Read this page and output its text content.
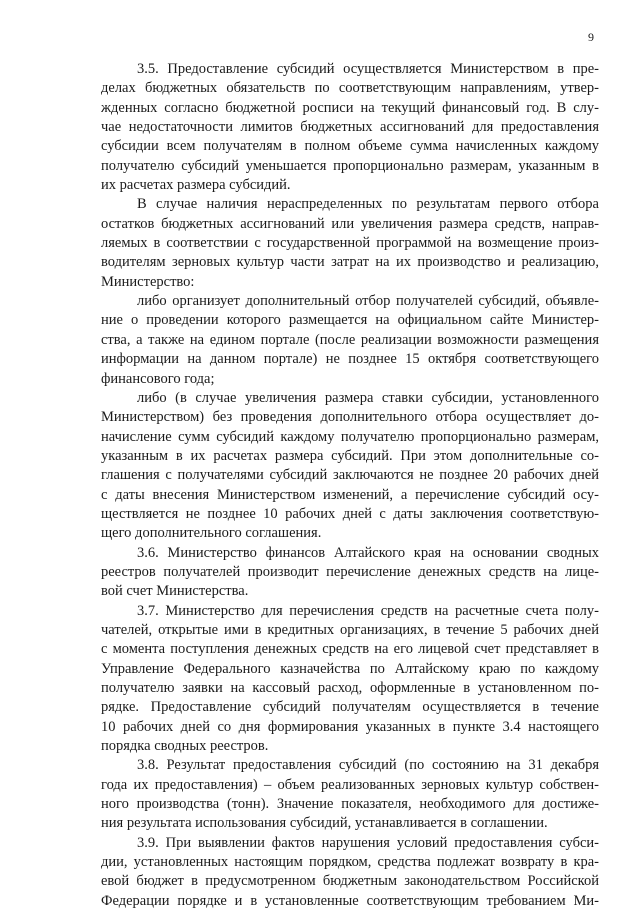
9
3.5. Предоставление субсидий осуществляется Министерством в пре-
делах бюджетных обязательств по соответствующим направлениям, утвер-
жденных согласно бюджетной росписи на текущий финансовый год. В слу-
чае недостаточности лимитов бюджетных ассигнований для предоставления
субсидии всем получателям в полном объеме сумма начисленных каждому
получателю субсидий уменьшается пропорционально размерам, указанным в
их расчетах размера субсидий.
В случае наличия нераспределенных по результатам первого отбора
остатков бюджетных ассигнований или увеличения размера средств, направ-
ляемых в соответствии с государственной программой на возмещение произ-
водителям зерновых культур части затрат на их производство и реализацию,
Министерство:
либо организует дополнительный отбор получателей субсидий, объявле-
ние о проведении которого размещается на официальном сайте Министер-
ства, а также на едином портале (после реализации возможности размещения
информации на данном портале) не позднее 15 октября соответствующего
финансового года;
либо (в случае увеличения размера ставки субсидии, установленного
Министерством) без проведения дополнительного отбора осуществляет до-
начисление сумм субсидий каждому получателю пропорционально размерам,
указанным в их расчетах размера субсидий. При этом дополнительные со-
глашения с получателями субсидий заключаются не позднее 20 рабочих дней
с даты внесения Министерством изменений, а перечисление субсидий осу-
ществляется не позднее 10 рабочих дней с даты заключения соответствую-
щего дополнительного соглашения.
3.6. Министерство финансов Алтайского края на основании сводных
реестров получателей производит перечисление денежных средств на лице-
вой счет Министерства.
3.7. Министерство для перечисления средств на расчетные счета полу-
чателей, открытые ими в кредитных организациях, в течение 5 рабочих дней
с момента поступления денежных средств на его лицевой счет представляет в
Управление Федерального казначейства по Алтайскому краю по каждому
получателю заявки на кассовый расход, оформленные в установленном по-
рядке. Предоставление субсидий получателям осуществляется в течение
10 рабочих дней со дня формирования указанных в пункте 3.4 настоящего
порядка сводных реестров.
3.8. Результат предоставления субсидий (по состоянию на 31 декабря
года их предоставления) – объем реализованных зерновых культур собствен-
ного производства (тонн). Значение показателя, необходимого для достиже-
ния результата использования субсидий, устанавливается в соглашении.
3.9. При выявлении фактов нарушения условий предоставления субси-
дии, установленных настоящим порядком, средства подлежат возврату в кра-
евой бюджет в предусмотренном бюджетным законодательством Российской
Федерации порядке и в установленные соответствующим требованием Ми-
